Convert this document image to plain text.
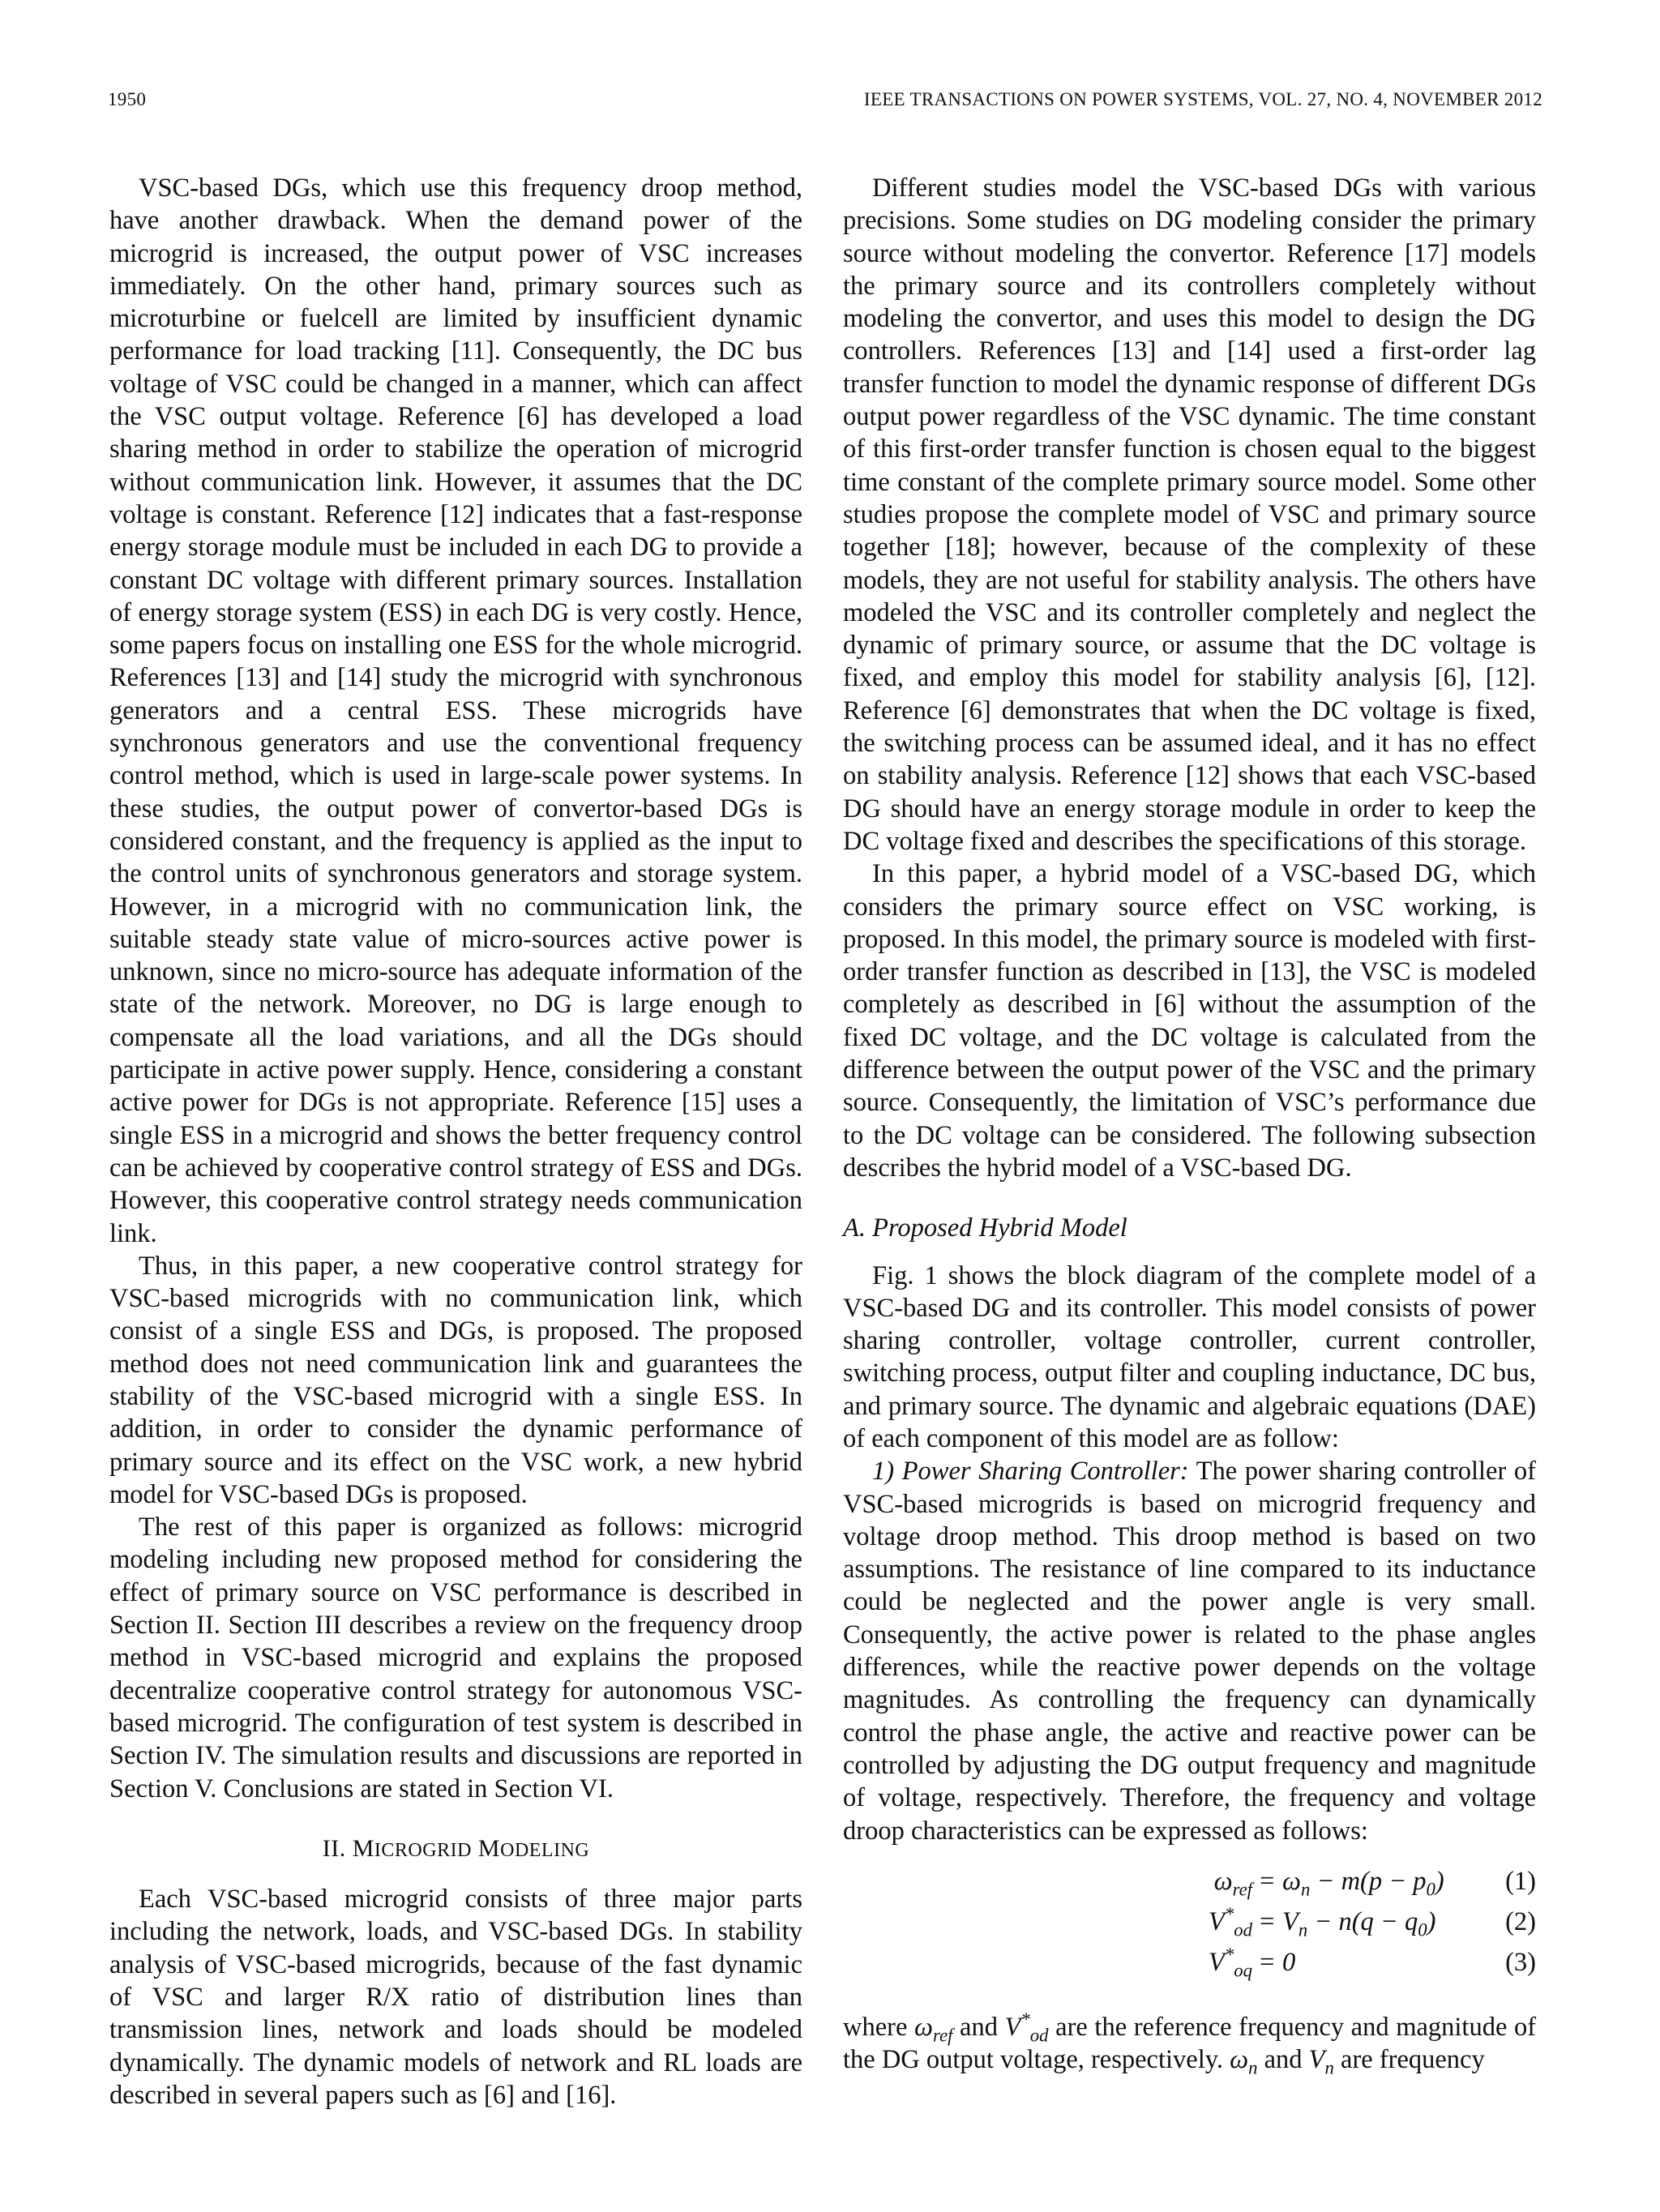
1950	IEEE TRANSACTIONS ON POWER SYSTEMS, VOL. 27, NO. 4, NOVEMBER 2012

VSC-based DGs, which use this frequency droop method, have another drawback. When the demand power of the microgrid is increased, the output power of VSC increases immediately. On the other hand, primary sources such as microturbine or fuelcell are limited by insufficient dynamic performance for load tracking [11]. Consequently, the DC bus voltage of VSC could be changed in a manner, which can affect the VSC output voltage. Reference [6] has developed a load sharing method in order to stabilize the operation of microgrid without communication link. However, it assumes that the DC voltage is constant. Reference [12] indicates that a fast-response energy storage module must be included in each DG to provide a constant DC voltage with different primary sources. Installation of energy storage system (ESS) in each DG is very costly. Hence, some papers focus on installing one ESS for the whole microgrid. References [13] and [14] study the microgrid with synchronous generators and a central ESS. These microgrids have synchronous generators and use the conventional frequency control method, which is used in large-scale power systems. In these studies, the output power of convertor-based DGs is considered constant, and the frequency is applied as the input to the control units of synchronous generators and storage system. However, in a microgrid with no communication link, the suitable steady state value of micro-sources active power is unknown, since no micro-source has adequate information of the state of the network. Moreover, no DG is large enough to compensate all the load variations, and all the DGs should participate in active power supply. Hence, considering a constant active power for DGs is not appropriate. Reference [15] uses a single ESS in a microgrid and shows the better frequency control can be achieved by cooperative control strategy of ESS and DGs. However, this cooperative control strategy needs communication link.

Thus, in this paper, a new cooperative control strategy for VSC-based microgrids with no communication link, which consist of a single ESS and DGs, is proposed. The proposed method does not need communication link and guarantees the stability of the VSC-based microgrid with a single ESS. In addition, in order to consider the dynamic performance of primary source and its effect on the VSC work, a new hybrid model for VSC-based DGs is proposed.

The rest of this paper is organized as follows: microgrid modeling including new proposed method for considering the effect of primary source on VSC performance is described in Section II. Section III describes a review on the frequency droop method in VSC-based microgrid and explains the proposed decentralize cooperative control strategy for autonomous VSC-based microgrid. The configuration of test system is described in Section IV. The simulation results and discussions are reported in Section V. Conclusions are stated in Section VI.

II. MICROGRID MODELING

Each VSC-based microgrid consists of three major parts including the network, loads, and VSC-based DGs. In stability analysis of VSC-based microgrids, because of the fast dynamic of VSC and larger R/X ratio of distribution lines than transmission lines, network and loads should be modeled dynamically. The dynamic models of network and RL loads are described in several papers such as [6] and [16].

Different studies model the VSC-based DGs with various precisions. Some studies on DG modeling consider the primary source without modeling the convertor. Reference [17] models the primary source and its controllers completely without modeling the convertor, and uses this model to design the DG controllers. References [13] and [14] used a first-order lag transfer function to model the dynamic response of different DGs output power regardless of the VSC dynamic. The time constant of this first-order transfer function is chosen equal to the biggest time constant of the complete primary source model. Some other studies propose the complete model of VSC and primary source together [18]; however, because of the complexity of these models, they are not useful for stability analysis. The others have modeled the VSC and its controller completely and neglect the dynamic of primary source, or assume that the DC voltage is fixed, and employ this model for stability analysis [6], [12]. Reference [6] demonstrates that when the DC voltage is fixed, the switching process can be assumed ideal, and it has no effect on stability analysis. Reference [12] shows that each VSC-based DG should have an energy storage module in order to keep the DC voltage fixed and describes the specifications of this storage.

In this paper, a hybrid model of a VSC-based DG, which considers the primary source effect on VSC working, is proposed. In this model, the primary source is modeled with first-order transfer function as described in [13], the VSC is modeled completely as described in [6] without the assumption of the fixed DC voltage, and the DC voltage is calculated from the difference between the output power of the VSC and the primary source. Consequently, the limitation of VSC’s performance due to the DC voltage can be considered. The following subsection describes the hybrid model of a VSC-based DG.

A. Proposed Hybrid Model

Fig. 1 shows the block diagram of the complete model of a VSC-based DG and its controller. This model consists of power sharing controller, voltage controller, current controller, switching process, output filter and coupling inductance, DC bus, and primary source. The dynamic and algebraic equations (DAE) of each component of this model are as follow:

1) Power Sharing Controller: The power sharing controller of VSC-based microgrids is based on microgrid frequency and voltage droop method. This droop method is based on two assumptions. The resistance of line compared to its inductance could be neglected and the power angle is very small. Consequently, the active power is related to the phase angles differences, while the reactive power depends on the voltage magnitudes. As controlling the frequency can dynamically control the phase angle, the active and reactive power can be controlled by adjusting the DG output frequency and magnitude of voltage, respectively. Therefore, the frequency and voltage droop characteristics can be expressed as follows:

$\omega_{ref} = \omega_n - m(p - p_0)$ (1)
$V^*_{od} = V_n - n(q - q_0)$	(2)
$V^*_{oq} = 0$	(3)

where $\omega_{ref}$ and $V^*_{od}$ are the reference frequency and magnitude of the DG output voltage, respectively. $\omega_n$ and $V_n$ are frequency
